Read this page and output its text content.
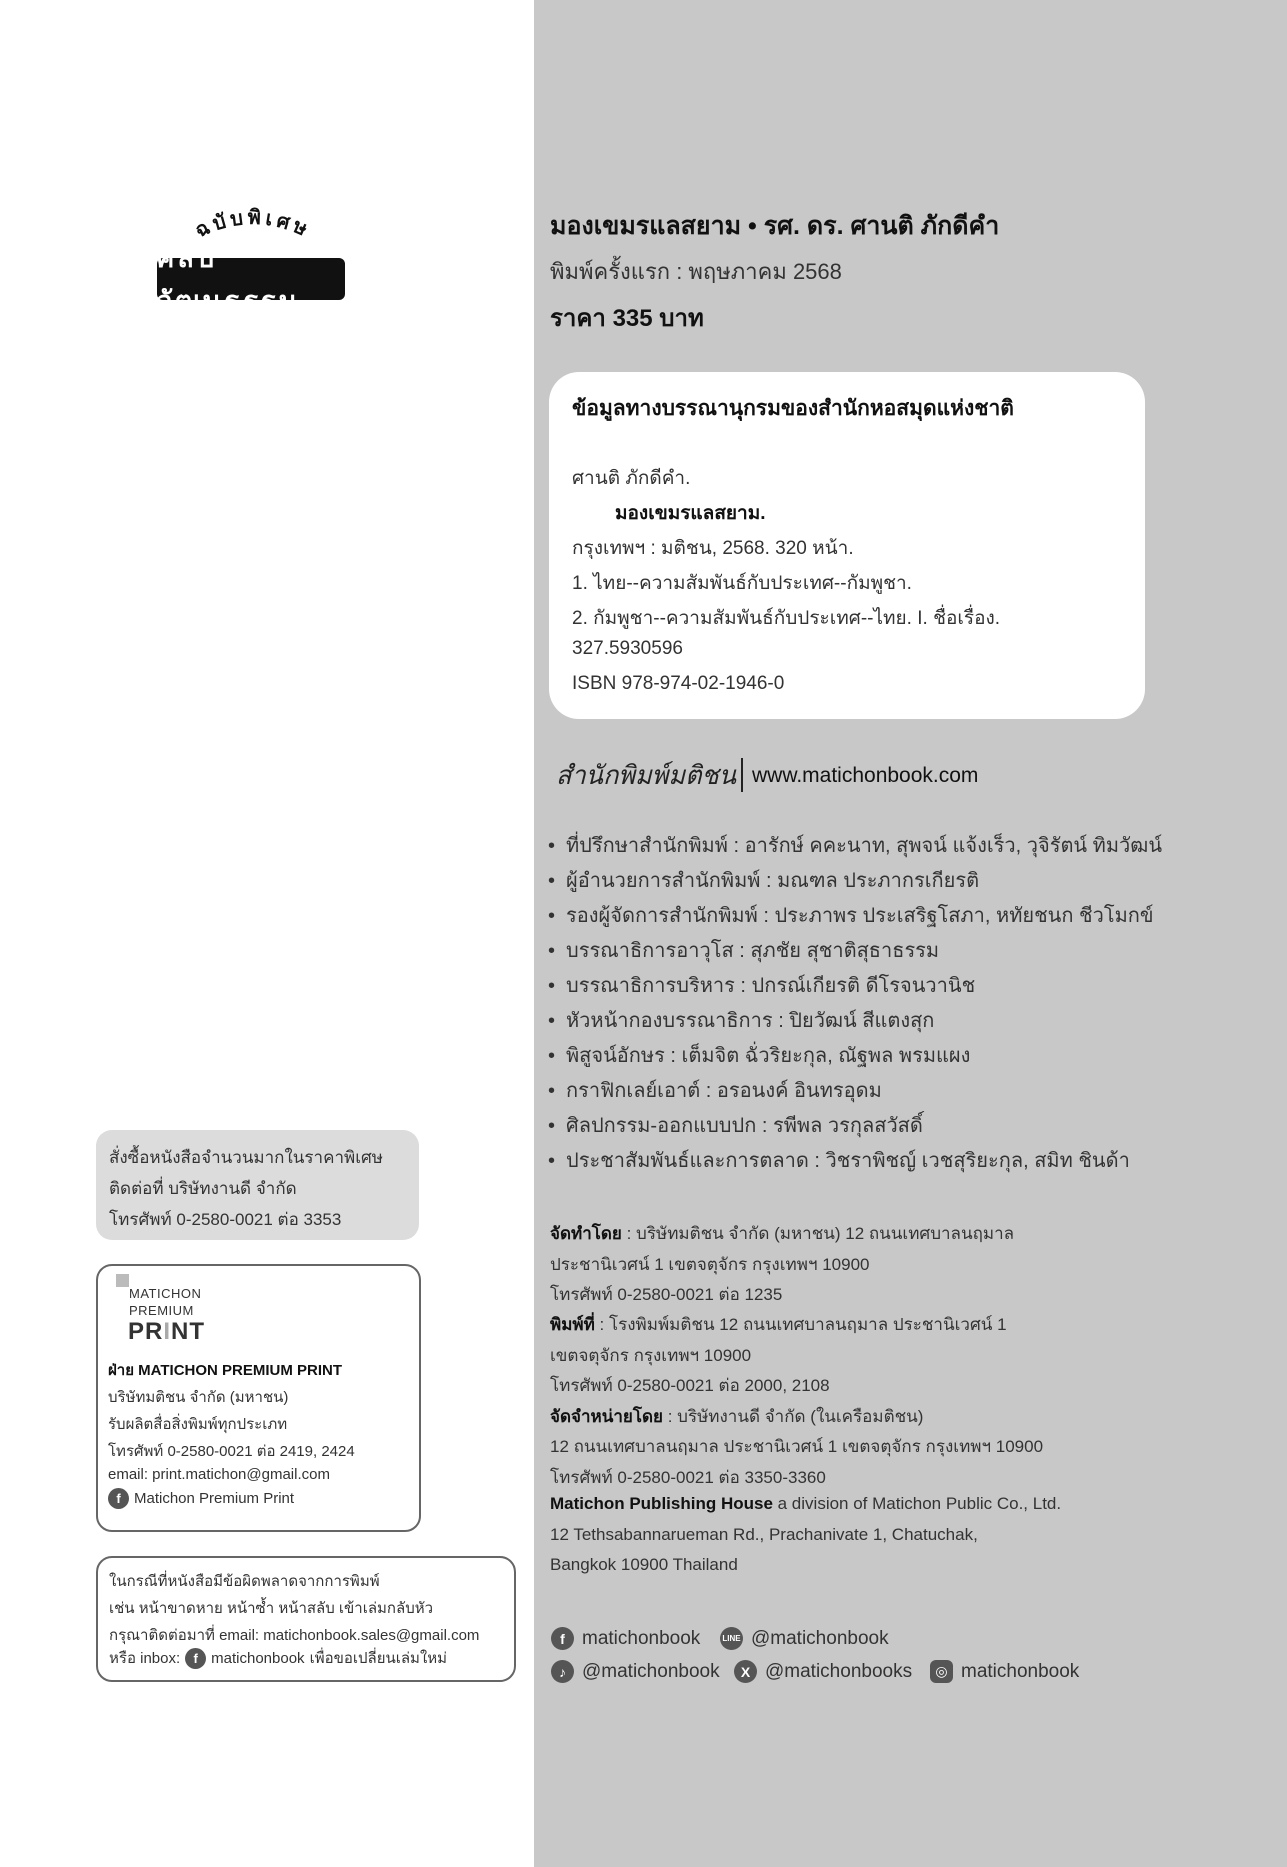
ฉบับพิเศษ
ศิลปวัฒนธรรม
มองเขมรแลสยาม • รศ. ดร. ศานติ ภักดีคำ
พิมพ์ครั้งแรก : พฤษภาคม 2568
ราคา 335 บาท
ข้อมูลทางบรรณานุกรมของสำนักหอสมุดแห่งชาติ
ศานติ ภักดีคำ.
มองเขมรแลสยาม.
กรุงเทพฯ : มติชน, 2568. 320 หน้า.
1. ไทย--ความสัมพันธ์กับประเทศ--กัมพูชา.
2. กัมพูชา--ความสัมพันธ์กับประเทศ--ไทย. I. ชื่อเรื่อง.
327.5930596
ISBN 978-974-02-1946-0
สำนักพิมพ์มติชน www.matichonbook.com
• ที่ปรึกษาสำนักพิมพ์ : อารักษ์ คคะนาท, สุพจน์ แจ้งเร็ว, วุจิรัตน์ ทิมวัฒน์
• ผู้อำนวยการสำนักพิมพ์ : มณฑล ประภากรเกียรติ
• รองผู้จัดการสำนักพิมพ์ : ประภาพร ประเสริฐโสภา, หทัยชนก ชีวโมกข์
• บรรณาธิการอาวุโส : สุภชัย สุชาติสุธาธรรม
• บรรณาธิการบริหาร : ปกรณ์เกียรติ ดีโรจนวานิช
• หัวหน้ากองบรรณาธิการ : ปิยวัฒน์ สีแตงสุก
• พิสูจน์อักษร : เต็มจิต ฉั่วริยะกุล, ณัฐพล พรมแผง
• กราฟิกเลย์เอาต์ : อรอนงค์ อินทรอุดม
• ศิลปกรรม-ออกแบบปก : รพีพล วรกุลสวัสดิ์
• ประชาสัมพันธ์และการตลาด : วิชราพิชญ์ เวชสุริยะกุล, สมิท ชินด้า
จัดทำโดย : บริษัทมติชน จำกัด (มหาชน) 12 ถนนเทศบาลนฤมาล
ประชานิเวศน์ 1 เขตจตุจักร กรุงเทพฯ 10900
โทรศัพท์ 0-2580-0021 ต่อ 1235
พิมพ์ที่ : โรงพิมพ์มติชน 12 ถนนเทศบาลนฤมาล ประชานิเวศน์ 1
เขตจตุจักร กรุงเทพฯ 10900
โทรศัพท์ 0-2580-0021 ต่อ 2000, 2108
จัดจำหน่ายโดย : บริษัทงานดี จำกัด (ในเครือมติชน)
12 ถนนเทศบาลนฤมาล ประชานิเวศน์ 1 เขตจตุจักร กรุงเทพฯ 10900
โทรศัพท์ 0-2580-0021 ต่อ 3350-3360
Matichon Publishing House a division of Matichon Public Co., Ltd.
12 Tethsabannarueman Rd., Prachanivate 1, Chatuchak,
Bangkok 10900 Thailand
f matichonbook	LINE @matichonbook
♪ @matichonbook	X @matichonbooks	◎ matichonbook
สั่งซื้อหนังสือจำนวนมากในราคาพิเศษ
ติดต่อที่ บริษัทงานดี จำกัด
โทรศัพท์ 0-2580-0021 ต่อ 3353
MATICHON
PREMIUM
PRINT
ฝ่าย MATICHON PREMIUM PRINT
บริษัทมติชน จำกัด (มหาชน)
รับผลิตสื่อสิ่งพิมพ์ทุกประเภท
โทรศัพท์ 0-2580-0021 ต่อ 2419, 2424
email: print.matichon@gmail.com
f Matichon Premium Print
ในกรณีที่หนังสือมีข้อผิดพลาดจากการพิมพ์
เช่น หน้าขาดหาย หน้าซ้ำ หน้าสลับ เข้าเล่มกลับหัว
กรุณาติดต่อมาที่ email: matichonbook.sales@gmail.com
หรือ inbox:	f matichonbook เพื่อขอเปลี่ยนเล่มใหม่
